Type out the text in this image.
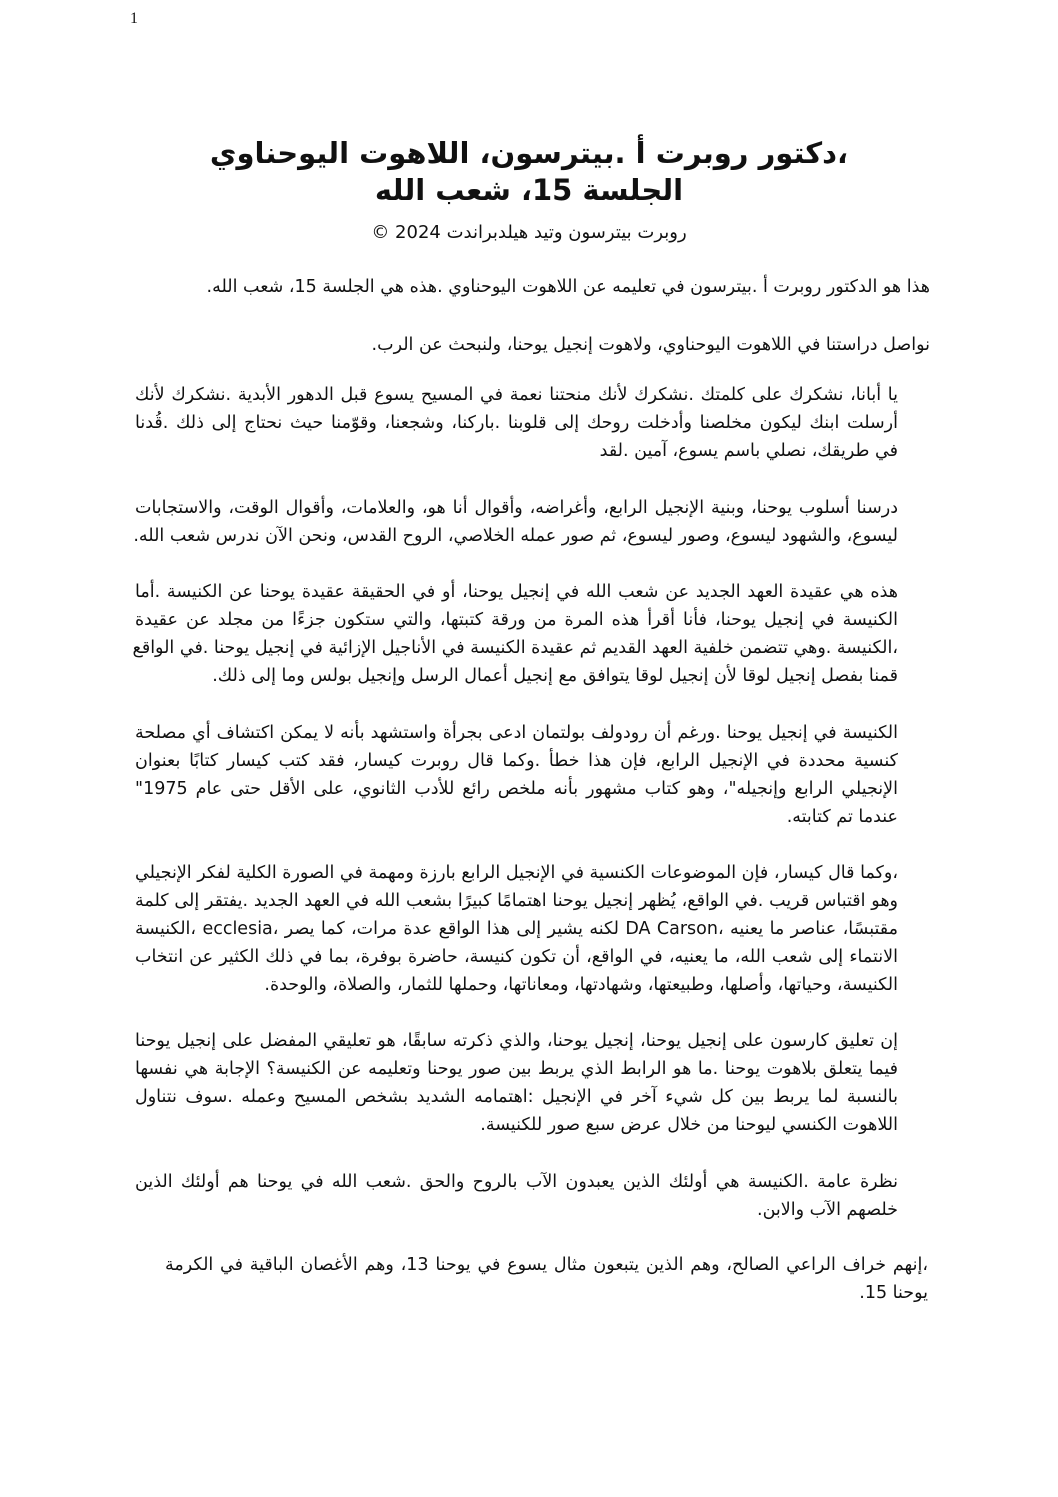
1
،دكتور روبرت أ .بيترسون، اللاهوت اليوحناوي
الجلسة 15، شعب الله
روبرت بيترسون وتيد هيلدبراندت 2024 ©
هذا هو الدكتور روبرت أ .بيترسون في تعليمه عن اللاهوت اليوحناوي .هذه هي الجلسة 15، شعب الله.
نواصل دراستنا في اللاهوت اليوحناوي، ولاهوت إنجيل يوحنا، ولنبحث عن الرب.
يا أبانا، نشكرك على كلمتك .نشكرك لأنك منحتنا نعمة في المسيح يسوع قبل الدهور الأبدية .نشكرك لأنك
أرسلت ابنك ليكون مخلصنا وأدخلت روحك إلى قلوبنا .باركنا، وشجعنا، وقوّمنا حيث نحتاج إلى ذلك .قُدنا
في طريقك، نصلي باسم يسوع، آمين .لقد
درسنا أسلوب يوحنا، وبنية الإنجيل الرابع، وأغراضه، وأقوال أنا هو، والعلامات، وأقوال الوقت، والاستجابات
ليسوع، والشهود ليسوع، وصور ليسوع، ثم صور عمله الخلاصي، الروح القدس، ونحن الآن ندرس شعب الله.
هذه هي عقيدة العهد الجديد عن شعب الله في إنجيل يوحنا، أو في الحقيقة عقيدة يوحنا عن الكنيسة .أما
الكنيسة في إنجيل يوحنا، فأنا أقرأ هذه المرة من ورقة كتبتها، والتي ستكون جزءًا من مجلد عن عقيدة
،الكنيسة .وهي تتضمن خلفية العهد القديم ثم عقيدة الكنيسة في الأناجيل الإزائية في إنجيل يوحنا .في الواقع
قمنا بفصل إنجيل لوقا لأن إنجيل لوقا يتوافق مع إنجيل أعمال الرسل وإنجيل بولس وما إلى ذلك.
الكنيسة في إنجيل يوحنا .ورغم أن رودولف بولتمان ادعى بجرأة واستشهد بأنه لا يمكن اكتشاف أي مصلحة
كنسية محددة في الإنجيل الرابع، فإن هذا خطأ .وكما قال روبرت كيسار، فقد كتب كيسار كتابًا بعنوان
الإنجيلي الرابع وإنجيله"، وهو كتاب مشهور بأنه ملخص رائع للأدب الثانوي، على الأقل حتى عام 1975"
عندما تم كتابته.
،وكما قال كيسار، فإن الموضوعات الكنسية في الإنجيل الرابع بارزة ومهمة في الصورة الكلية لفكر الإنجيلي
وهو اقتباس قريب .في الواقع، يُظهر إنجيل يوحنا اهتمامًا كبيرًا بشعب الله في العهد الجديد .يفتقر إلى كلمة
مقتبسًا، عناصر ما يعنيه ،DA Carson لكنه يشير إلى هذا الواقع عدة مرات، كما يصر ،ecclesia ،الكنيسة
الانتماء إلى شعب الله، ما يعنيه، في الواقع، أن تكون كنيسة، حاضرة بوفرة، بما في ذلك الكثير عن انتخاب
الكنيسة، وحياتها، وأصلها، وطبيعتها، وشهادتها، ومعاناتها، وحملها للثمار، والصلاة، والوحدة.
إن تعليق كارسون على إنجيل يوحنا، إنجيل يوحنا، والذي ذكرته سابقًا، هو تعليقي المفضل على إنجيل يوحنا
فيما يتعلق بلاهوت يوحنا .ما هو الرابط الذي يربط بين صور يوحنا وتعليمه عن الكنيسة؟ الإجابة هي نفسها
بالنسبة لما يربط بين كل شيء آخر في الإنجيل :اهتمامه الشديد بشخص المسيح وعمله .سوف نتناول
اللاهوت الكنسي ليوحنا من خلال عرض سبع صور للكنيسة.
نظرة عامة .الكنيسة هي أولئك الذين يعبدون الآب بالروح والحق .شعب الله في يوحنا هم أولئك الذين
خلصهم الآب والابن.
،إنهم خراف الراعي الصالح، وهم الذين يتبعون مثال يسوع في يوحنا 13، وهم الأغصان الباقية في الكرمة
يوحنا 15.
